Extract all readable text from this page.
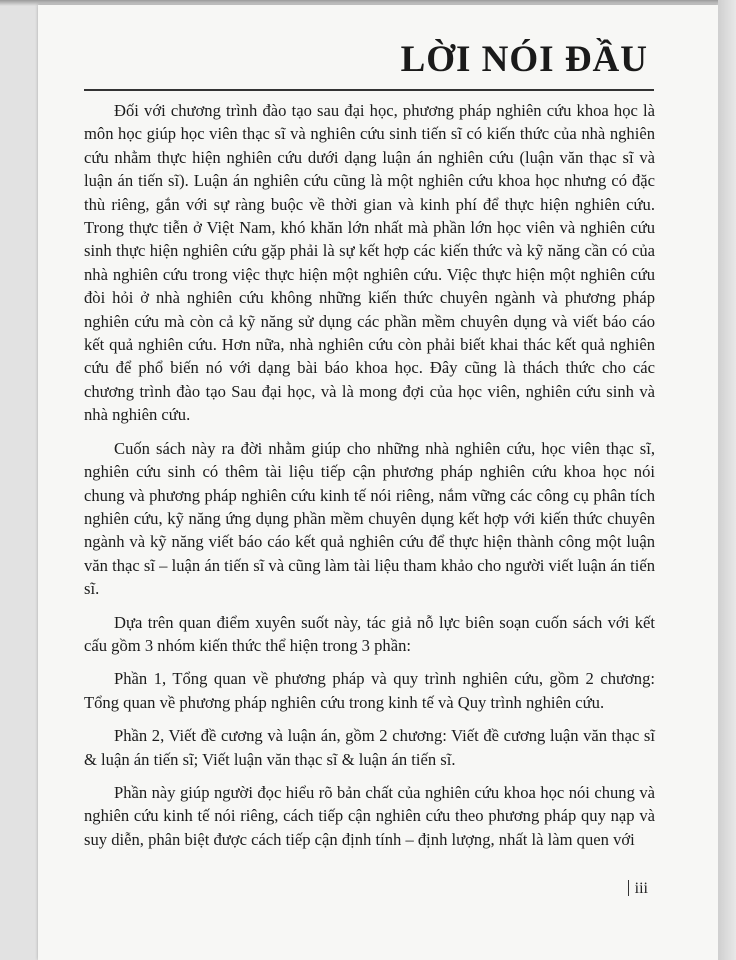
LỜI NÓI ĐẦU

Đối với chương trình đào tạo sau đại học, phương pháp nghiên cứu khoa học là môn học giúp học viên thạc sĩ và nghiên cứu sinh tiến sĩ có kiến thức của nhà nghiên cứu nhằm thực hiện nghiên cứu dưới dạng luận án nghiên cứu (luận văn thạc sĩ và luận án tiến sĩ). Luận án nghiên cứu cũng là một nghiên cứu khoa học nhưng có đặc thù riêng, gắn với sự ràng buộc về thời gian và kinh phí để thực hiện nghiên cứu. Trong thực tiễn ở Việt Nam, khó khăn lớn nhất mà phần lớn học viên và nghiên cứu sinh thực hiện nghiên cứu gặp phải là sự kết hợp các kiến thức và kỹ năng cần có của nhà nghiên cứu trong việc thực hiện một nghiên cứu. Việc thực hiện một nghiên cứu đòi hỏi ở nhà nghiên cứu không những kiến thức chuyên ngành và phương pháp nghiên cứu mà còn cả kỹ năng sử dụng các phần mềm chuyên dụng và viết báo cáo kết quả nghiên cứu. Hơn nữa, nhà nghiên cứu còn phải biết khai thác kết quả nghiên cứu để phổ biến nó với dạng bài báo khoa học. Đây cũng là thách thức cho các chương trình đào tạo Sau đại học, và là mong đợi của học viên, nghiên cứu sinh và nhà nghiên cứu.

Cuốn sách này ra đời nhằm giúp cho những nhà nghiên cứu, học viên thạc sĩ, nghiên cứu sinh có thêm tài liệu tiếp cận phương pháp nghiên cứu khoa học nói chung và phương pháp nghiên cứu kinh tế nói riêng, nắm vững các công cụ phân tích nghiên cứu, kỹ năng ứng dụng phần mềm chuyên dụng kết hợp với kiến thức chuyên ngành và kỹ năng viết báo cáo kết quả nghiên cứu để thực hiện thành công một luận văn thạc sĩ – luận án tiến sĩ và cũng làm tài liệu tham khảo cho người viết luận án tiến sĩ.

Dựa trên quan điểm xuyên suốt này, tác giả nỗ lực biên soạn cuốn sách với kết cấu gồm 3 nhóm kiến thức thể hiện trong 3 phần:

Phần 1, Tổng quan về phương pháp và quy trình nghiên cứu, gồm 2 chương: Tổng quan về phương pháp nghiên cứu trong kinh tế và Quy trình nghiên cứu.

Phần 2, Viết đề cương và luận án, gồm 2 chương: Viết đề cương luận văn thạc sĩ & luận án tiến sĩ; Viết luận văn thạc sĩ & luận án tiến sĩ.

Phần này giúp người đọc hiểu rõ bản chất của nghiên cứu khoa học nói chung và nghiên cứu kinh tế nói riêng, cách tiếp cận nghiên cứu theo phương pháp quy nạp và suy diễn, phân biệt được cách tiếp cận định tính – định lượng, nhất là làm quen với

iii
